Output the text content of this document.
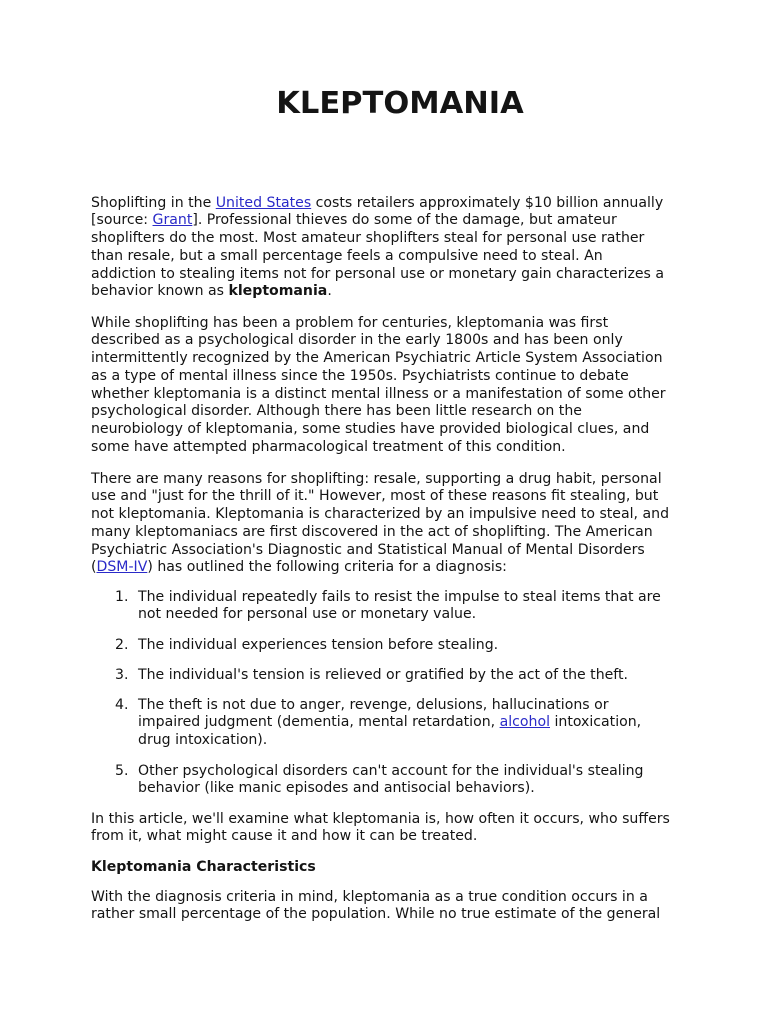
KLEPTOMANIA
Shoplifting in the United States costs retailers approximately $10 billion annually
[source: Grant]. Professional thieves do some of the damage, but amateur
shoplifters do the most. Most amateur shoplifters steal for personal use rather
than resale, but a small percentage feels a compulsive need to steal. An
addiction to stealing items not for personal use or monetary gain characterizes a
behavior known as kleptomania.
While shoplifting has been a problem for centuries, kleptomania was first
described as a psychological disorder in the early 1800s and has been only
intermittently recognized by the American Psychiatric Article System Association
as a type of mental illness since the 1950s. Psychiatrists continue to debate
whether kleptomania is a distinct mental illness or a manifestation of some other
psychological disorder. Although there has been little research on the
neurobiology of kleptomania, some studies have provided biological clues, and
some have attempted pharmacological treatment of this condition.
There are many reasons for shoplifting: resale, supporting a drug habit, personal
use and "just for the thrill of it." However, most of these reasons fit stealing, but
not kleptomania. Kleptomania is characterized by an impulsive need to steal, and
many kleptomaniacs are first discovered in the act of shoplifting. The American
Psychiatric Association's Diagnostic and Statistical Manual of Mental Disorders
(DSM-IV) has outlined the following criteria for a diagnosis:
1. The individual repeatedly fails to resist the impulse to steal items that are
not needed for personal use or monetary value.
2. The individual experiences tension before stealing.
3. The individual's tension is relieved or gratified by the act of the theft.
4. The theft is not due to anger, revenge, delusions, hallucinations or
impaired judgment (dementia, mental retardation, alcohol intoxication,
drug intoxication).
5. Other psychological disorders can't account for the individual's stealing
behavior (like manic episodes and antisocial behaviors).
In this article, we'll examine what kleptomania is, how often it occurs, who suffers
from it, what might cause it and how it can be treated.
Kleptomania Characteristics
With the diagnosis criteria in mind, kleptomania as a true condition occurs in a
rather small percentage of the population. While no true estimate of the general
